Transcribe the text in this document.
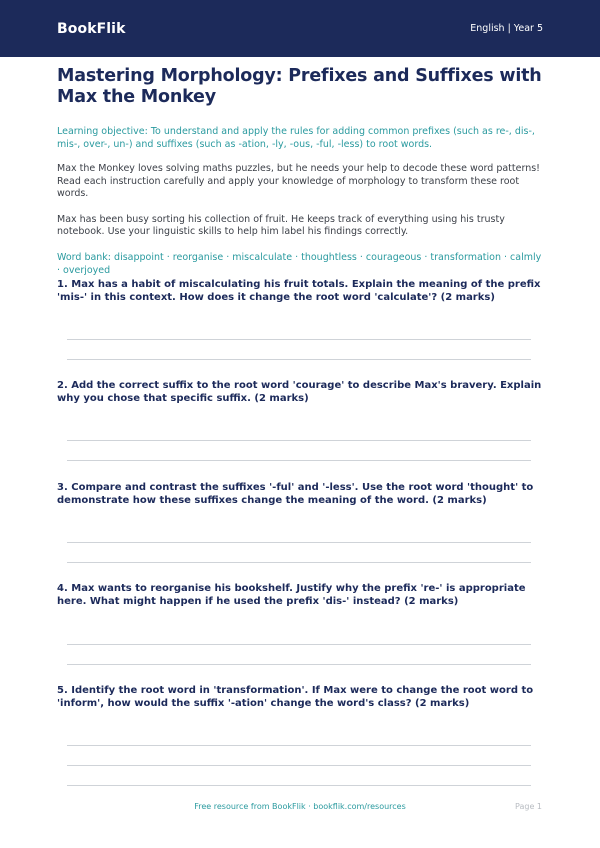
BookFlik	English | Year 5
Mastering Morphology: Prefixes and Suffixes with Max the Monkey

Learning objective: To understand and apply the rules for adding common prefixes (such as re-, dis-, mis-, over-, un-) and suffixes (such as -ation, -ly, -ous, -ful, -less) to root words.

Max the Monkey loves solving maths puzzles, but he needs your help to decode these word patterns! Read each instruction carefully and apply your knowledge of morphology to transform these root words.

Max has been busy sorting his collection of fruit. He keeps track of everything using his trusty notebook. Use your linguistic skills to help him label his findings correctly.

Word bank: disappoint · reorganise · miscalculate · thoughtless · courageous · transformation · calmly · overjoyed

1. Max has a habit of miscalculating his fruit totals. Explain the meaning of the prefix 'mis-' in this context. How does it change the root word 'calculate'? (2 marks)
2. Add the correct suffix to the root word 'courage' to describe Max's bravery. Explain why you chose that specific suffix. (2 marks)
3. Compare and contrast the suffixes '-ful' and '-less'. Use the root word 'thought' to demonstrate how these suffixes change the meaning of the word. (2 marks)
4. Max wants to reorganise his bookshelf. Justify why the prefix 're-' is appropriate here. What might happen if he used the prefix 'dis-' instead? (2 marks)
5. Identify the root word in 'transformation'. If Max were to change the root word to 'inform', how would the suffix '-ation' change the word's class? (2 marks)
Free resource from BookFlik · bookflik.com/resources	Page 1
